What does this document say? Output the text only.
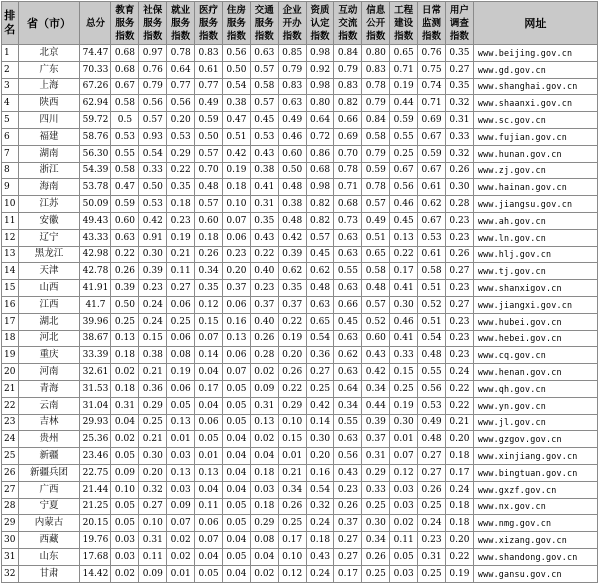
排名	省（市）	总分	教育服务指数	社保服务指数	就业服务指数	医疗服务指数	住房服务指数	交通服务指数	企业开办指数	资质认定指数	互动交流指数	信息公开指数	工程建设指数	日常监测指数	用户调查指数	网址
1	北京	74.47	0.68	0.97	0.78	0.83	0.56	0.63	0.85	0.98	0.84	0.80	0.65	0.76	0.35	www.beijing.gov.cn
2	广东	70.33	0.68	0.76	0.64	0.61	0.50	0.57	0.79	0.92	0.79	0.83	0.71	0.75	0.27	www.gd.gov.cn
3	上海	67.26	0.67	0.79	0.77	0.77	0.54	0.58	0.83	0.98	0.83	0.78	0.19	0.74	0.35	www.shanghai.gov.cn
4	陕西	62.94	0.58	0.56	0.56	0.49	0.38	0.57	0.63	0.80	0.82	0.79	0.44	0.71	0.32	www.shaanxi.gov.cn
5	四川	59.72	0.5	0.57	0.20	0.59	0.47	0.45	0.49	0.64	0.66	0.84	0.59	0.69	0.31	www.sc.gov.cn
6	福建	58.76	0.53	0.93	0.53	0.50	0.51	0.53	0.46	0.72	0.69	0.58	0.55	0.67	0.33	www.fujian.gov.cn
7	湖南	56.30	0.55	0.54	0.29	0.57	0.42	0.43	0.60	0.86	0.70	0.79	0.25	0.59	0.32	www.hunan.gov.cn
8	浙江	54.39	0.58	0.33	0.22	0.70	0.19	0.38	0.50	0.68	0.78	0.59	0.67	0.67	0.26	www.zj.gov.cn
9	海南	53.78	0.47	0.50	0.35	0.48	0.18	0.41	0.48	0.98	0.71	0.78	0.56	0.61	0.30	www.hainan.gov.cn
10	江苏	50.09	0.59	0.53	0.18	0.57	0.10	0.31	0.38	0.82	0.68	0.57	0.46	0.62	0.28	www.jiangsu.gov.cn
11	安徽	49.43	0.60	0.42	0.23	0.60	0.07	0.35	0.48	0.82	0.73	0.49	0.45	0.67	0.23	www.ah.gov.cn
12	辽宁	43.33	0.63	0.91	0.19	0.18	0.06	0.43	0.42	0.57	0.63	0.51	0.13	0.53	0.23	www.ln.gov.cn
13	黑龙江	42.98	0.22	0.30	0.21	0.26	0.23	0.22	0.39	0.45	0.63	0.65	0.22	0.61	0.26	www.hlj.gov.cn
14	天津	42.78	0.26	0.39	0.11	0.34	0.20	0.40	0.62	0.62	0.55	0.58	0.17	0.58	0.27	www.tj.gov.cn
15	山西	41.91	0.39	0.23	0.27	0.35	0.37	0.23	0.35	0.48	0.63	0.48	0.41	0.51	0.23	www.shanxigov.cn
16	江西	41.7	0.50	0.24	0.06	0.12	0.06	0.37	0.37	0.63	0.66	0.57	0.30	0.52	0.27	www.jiangxi.gov.cn
17	湖北	39.96	0.25	0.24	0.25	0.15	0.16	0.40	0.22	0.65	0.45	0.52	0.46	0.51	0.23	www.hubei.gov.cn
18	河北	38.67	0.13	0.15	0.06	0.07	0.13	0.26	0.19	0.54	0.63	0.60	0.41	0.54	0.23	www.hebei.gov.cn
19	重庆	33.39	0.18	0.38	0.08	0.14	0.06	0.28	0.20	0.36	0.62	0.43	0.33	0.48	0.23	www.cq.gov.cn
20	河南	32.61	0.02	0.21	0.19	0.04	0.07	0.02	0.26	0.27	0.63	0.42	0.15	0.55	0.24	www.henan.gov.cn
21	青海	31.53	0.18	0.36	0.06	0.17	0.05	0.09	0.22	0.25	0.64	0.34	0.25	0.56	0.22	www.qh.gov.cn
22	云南	31.04	0.31	0.29	0.05	0.04	0.05	0.31	0.29	0.42	0.34	0.44	0.19	0.53	0.22	www.yn.gov.cn
23	吉林	29.93	0.04	0.25	0.13	0.06	0.05	0.13	0.10	0.14	0.55	0.39	0.30	0.49	0.21	www.jl.gov.cn
24	贵州	25.36	0.02	0.21	0.01	0.05	0.04	0.02	0.15	0.30	0.63	0.37	0.01	0.48	0.20	www.gzgov.gov.cn
25	新疆	23.46	0.05	0.30	0.03	0.01	0.04	0.04	0.01	0.20	0.56	0.31	0.07	0.27	0.18	www.xinjiang.gov.cn
26	新疆兵团	22.75	0.09	0.20	0.13	0.13	0.04	0.18	0.21	0.16	0.43	0.29	0.12	0.27	0.17	www.bingtuan.gov.cn
27	广西	21.44	0.10	0.32	0.03	0.04	0.04	0.03	0.34	0.54	0.23	0.33	0.03	0.26	0.24	www.gxzf.gov.cn
28	宁夏	21.25	0.05	0.27	0.09	0.11	0.05	0.18	0.26	0.32	0.26	0.25	0.03	0.25	0.18	www.nx.gov.cn
29	内蒙古	20.15	0.05	0.10	0.07	0.06	0.05	0.29	0.25	0.24	0.37	0.30	0.02	0.24	0.18	www.nmg.gov.cn
30	西藏	19.76	0.03	0.31	0.02	0.07	0.04	0.08	0.17	0.18	0.27	0.34	0.11	0.23	0.20	www.xizang.gov.cn
31	山东	17.68	0.03	0.11	0.02	0.04	0.05	0.04	0.10	0.43	0.27	0.26	0.05	0.31	0.22	www.shandong.gov.cn
32	甘肃	14.42	0.02	0.09	0.01	0.05	0.04	0.02	0.12	0.24	0.17	0.25	0.03	0.25	0.19	www.gansu.gov.cn
